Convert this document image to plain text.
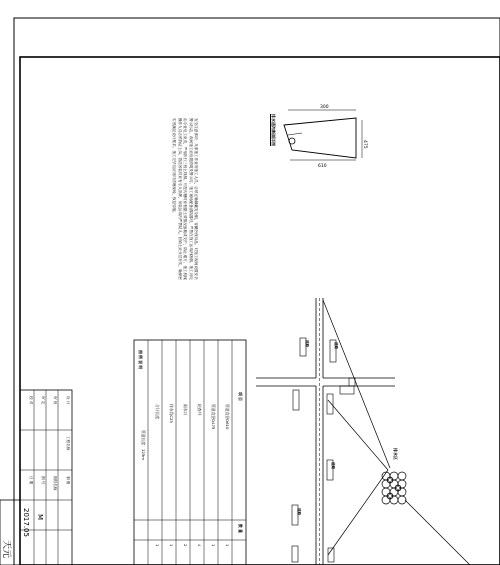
610
475
300
安全注意事项：从事施工作业的施工人员，必须正确佩戴安全帽，穿戴劳保用品。对施工现场设置安全警示标志，夜间施工应设置照明及警示灯。施工现场配备消防器材，严禁在施工区域内吸烟。施工用电由专业电工负责，严格执行三相五线制。开挖沟槽时应根据土质情况放坡或支护，防止塌方。施工机械操作人员必须持证上岗。管道吊装时应有专人指挥，吊装区域内严禁站人。回填土应分层夯实，确保密实度满足设计要求。施工完毕后应及时清理现场，恢复原貌。	排水通沟断面详图
排水区
道路	道路
道路
道路
图 例 说 明
项 目
数 量
管道直径D610
管道直径D475
检查井
雨水口
排水沟C25
合计长度
1
1
4
2
1
1
管道长度：125m
设 计
审 核
审 定
校 对
制 图
工程名称
图纸名称
图 号
日 期
M
2017.05
天元
